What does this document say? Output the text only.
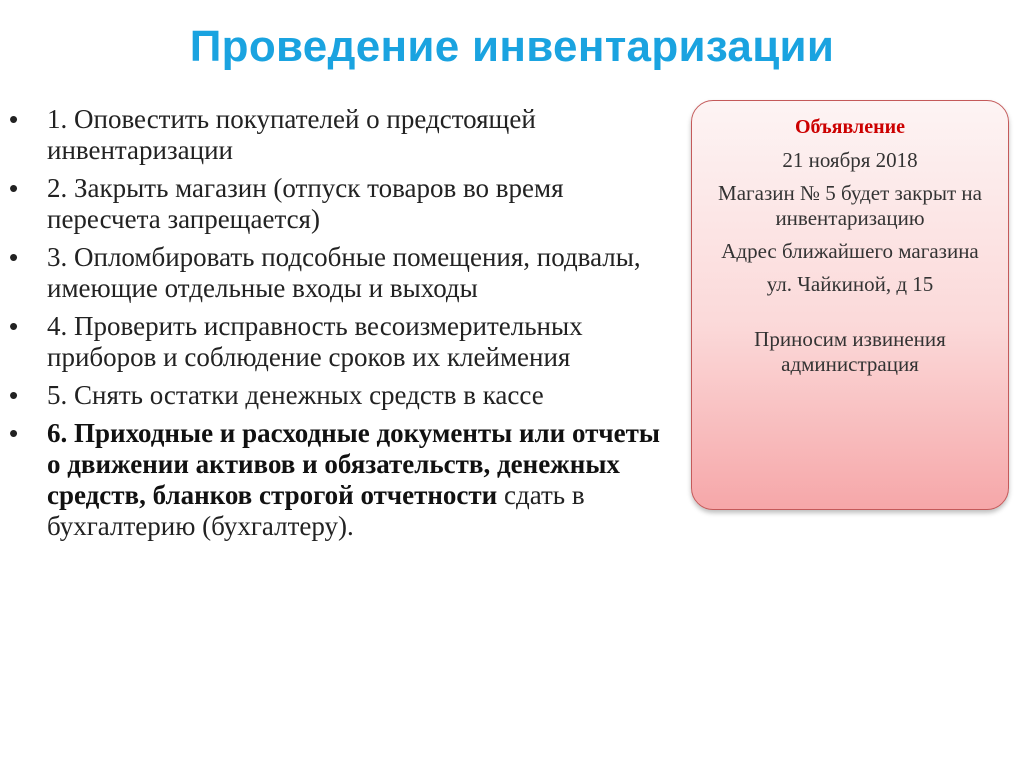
Проведение инвентаризации
• 1. Оповестить покупателей о предстоящей инвентаризации
• 2. Закрыть магазин (отпуск товаров во время пересчета запрещается)
• 3. Опломбировать подсобные помещения, подвалы, имеющие отдельные входы и выходы
• 4. Проверить исправность весоизмерительных приборов и соблюдение сроков их клеймения
• 5. Снять остатки денежных средств в кассе
• 6. Приходные и расходные документы или отчеты о движении активов и обязательств, денежных средств, бланков строгой отчетности сдать в бухгалтерию (бухгалтеру).

Объявление

21 ноября 2018

Магазин № 5 будет закрыт на инвентаризацию

Адрес ближайшего магазина

ул. Чайкиной, д 15

Приносим извинения администрация
